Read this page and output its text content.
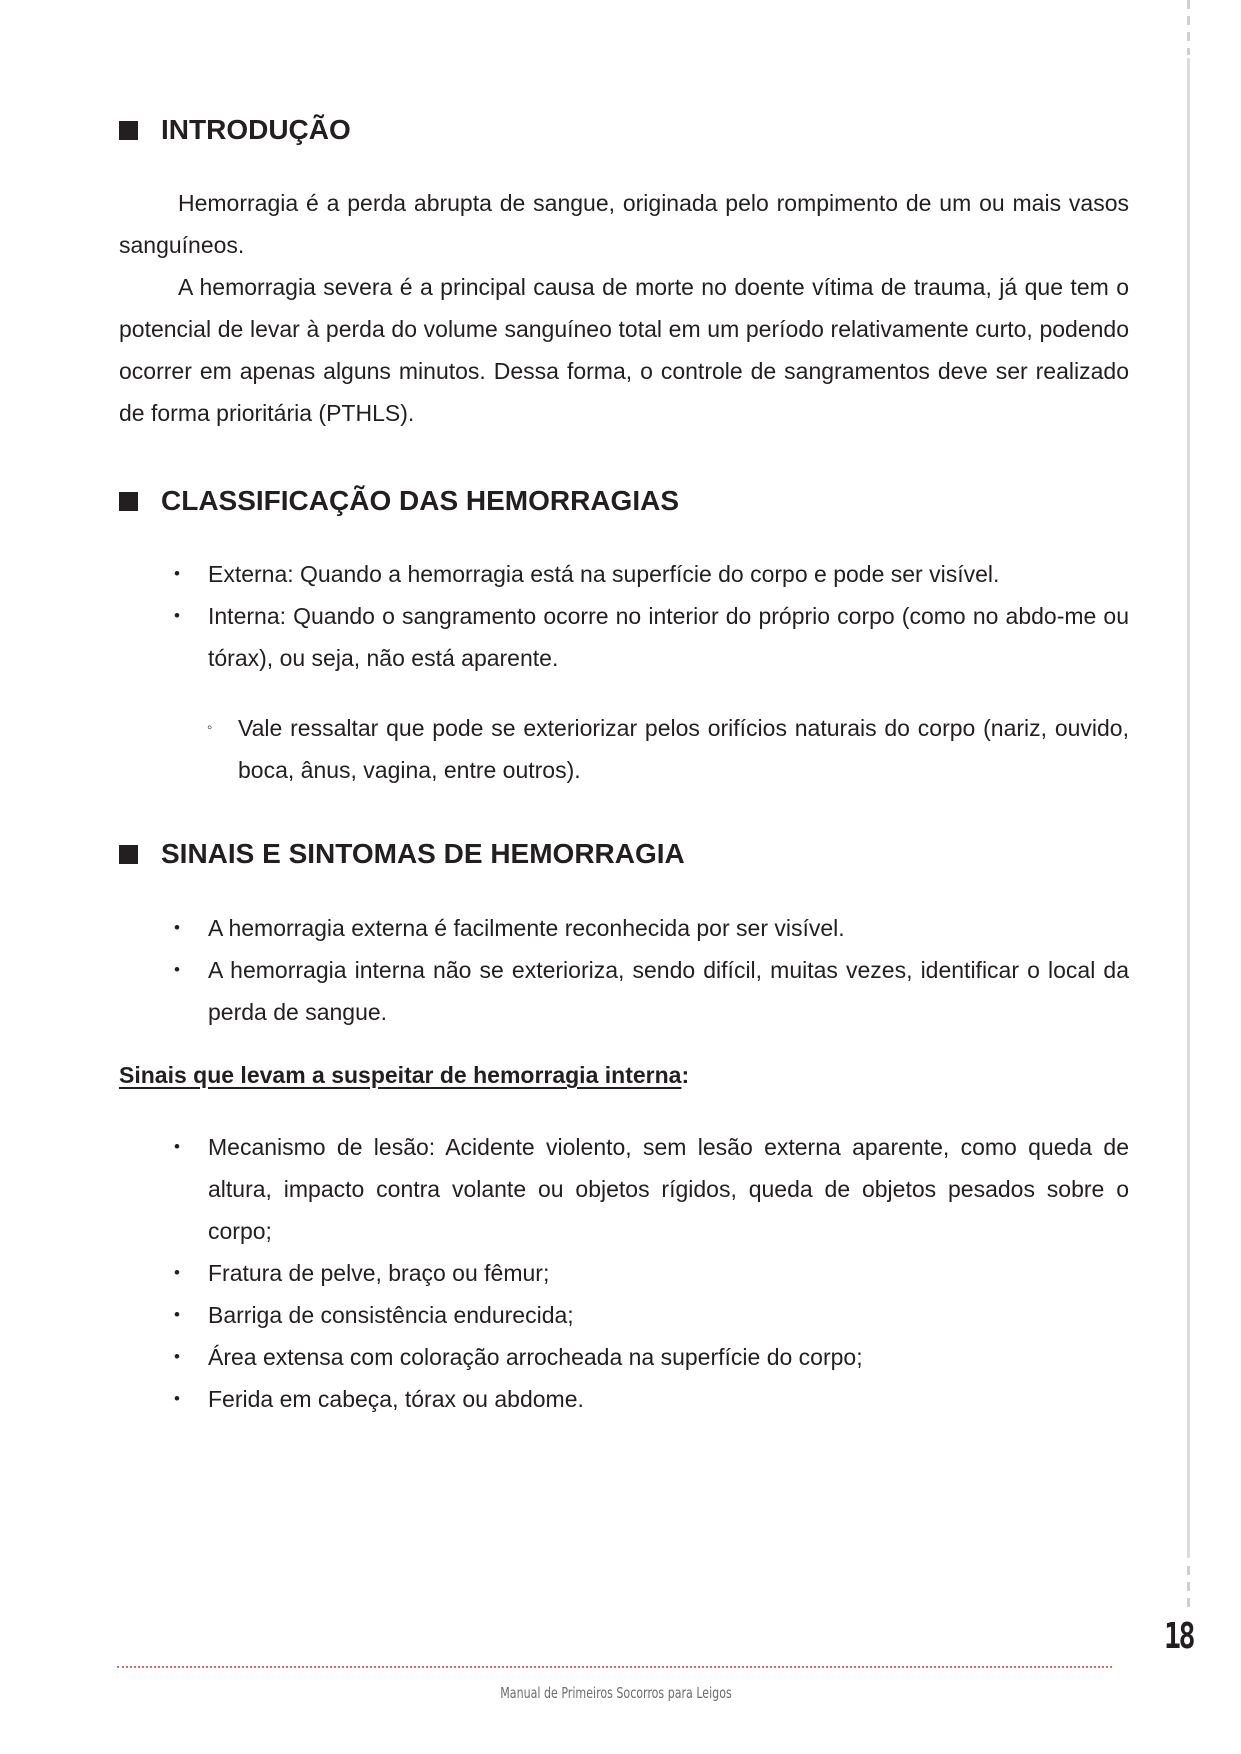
INTRODUÇÃO
Hemorragia é a perda abrupta de sangue, originada pelo rompimento de um ou mais vasos sanguíneos.
A hemorragia severa é a principal causa de morte no doente vítima de trauma, já que tem o potencial de levar à perda do volume sanguíneo total em um período relativamente curto, podendo ocorrer em apenas alguns minutos. Dessa forma, o controle de sangramentos deve ser realizado de forma prioritária (PTHLS).
CLASSIFICAÇÃO DAS HEMORRAGIAS
•	Externa: Quando a hemorragia está na superfície do corpo e pode ser visível.
•	Interna: Quando o sangramento ocorre no interior do próprio corpo (como no abdo-me ou tórax), ou seja, não está aparente.
◦ Vale ressaltar que pode se exteriorizar pelos orifícios naturais do corpo (nariz, ouvido, boca, ânus, vagina, entre outros).
SINAIS E SINTOMAS DE HEMORRAGIA
•	A hemorragia externa é facilmente reconhecida por ser visível.
•	A hemorragia interna não se exterioriza, sendo difícil, muitas vezes, identificar o local da perda de sangue.
Sinais que levam a suspeitar de hemorragia interna:
•	Mecanismo de lesão: Acidente violento, sem lesão externa aparente, como queda de altura, impacto contra volante ou objetos rígidos, queda de objetos pesados sobre o corpo;
•	Fratura de pelve, braço ou fêmur;
•	Barriga de consistência endurecida;
•	Área extensa com coloração arrocheada na superfície do corpo;
•	Ferida em cabeça, tórax ou abdome.
18
Manual de Primeiros Socorros para Leigos
